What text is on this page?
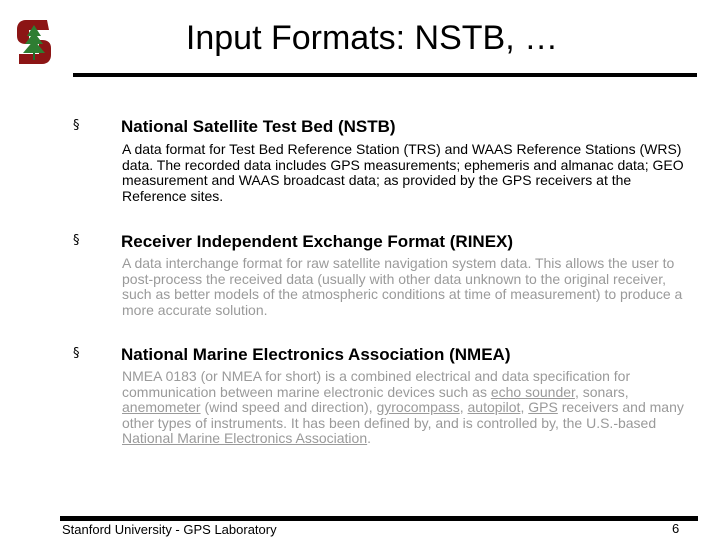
Input Formats: NSTB, …
§ National Satellite Test Bed (NSTB)
A data format for Test Bed Reference Station (TRS) and WAAS Reference Stations (WRS) data. The recorded data includes GPS measurements; ephemeris and almanac data; GEO measurement and WAAS broadcast data; as provided by the GPS receivers at the Reference sites.
§ Receiver Independent Exchange Format (RINEX)
A data interchange format for raw satellite navigation system data. This allows the user to post-process the received data (usually with other data unknown to the original receiver, such as better models of the atmospheric conditions at time of measurement) to produce a more accurate solution.
§ National Marine Electronics Association (NMEA)
NMEA 0183 (or NMEA for short) is a combined electrical and data specification for communication between marine electronic devices such as echo sounder, sonars, anemometer (wind speed and direction), gyrocompass, autopilot, GPS receivers and many other types of instruments. It has been defined by, and is controlled by, the U.S.-based National Marine Electronics Association.
Stanford University - GPS Laboratory	6
